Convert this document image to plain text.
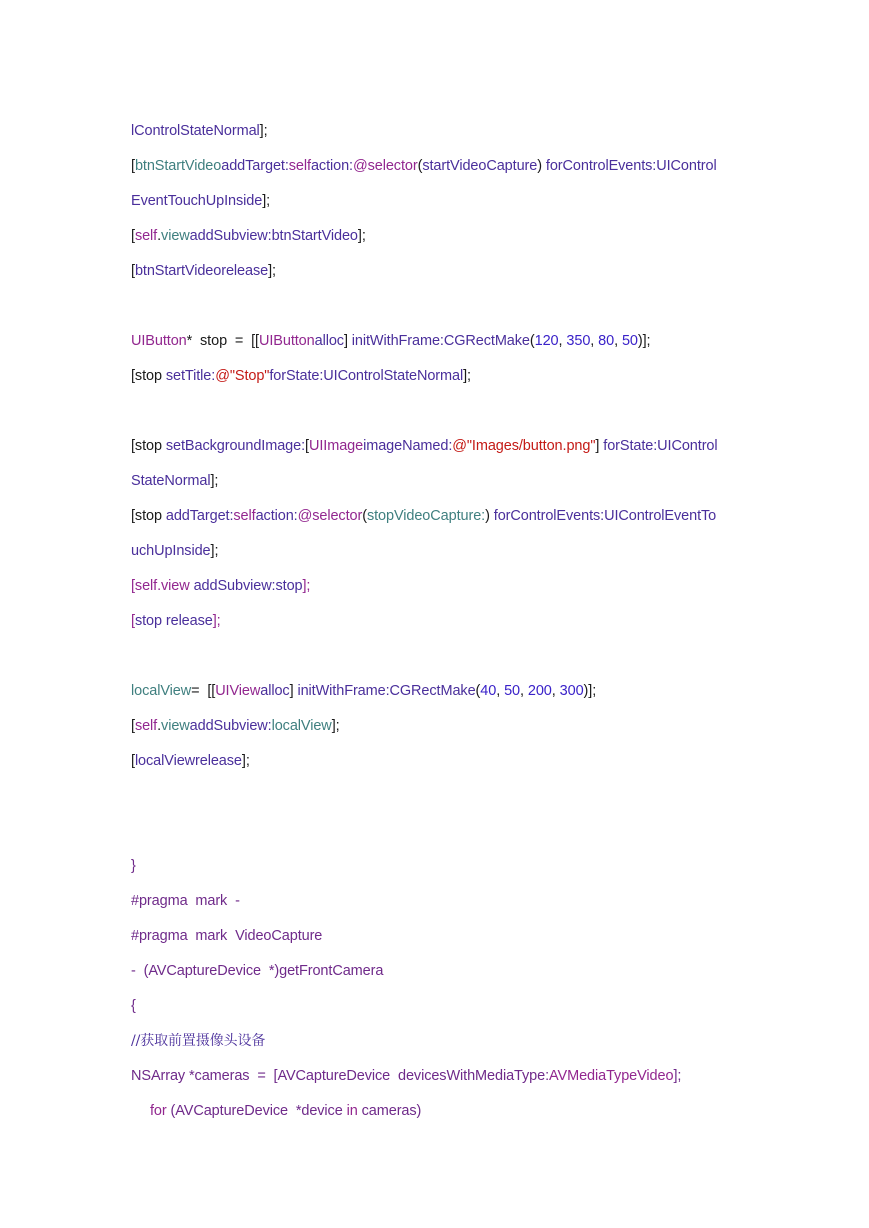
lControlStateNormal];
[btnStartVideoaddTarget:selfaction:@selector(startVideoCapture) forControlEvents:UIControl
EventTouchUpInside];
[self.viewaddSubview:btnStartVideo];
[btnStartVideorelease];
UIButton*  stop  =  [[UIButtonalloc] initWithFrame:CGRectMake(120, 350, 80, 50)];
[stop setTitle:@"Stop"forState:UIControlStateNormal];
[stop setBackgroundImage:[UIImageimageNamed:@"Images/button.png"] forState:UIControl
StateNormal];
[stop addTarget:selfaction:@selector(stopVideoCapture:) forControlEvents:UIControlEventTo
uchUpInside];
[self.view addSubview:stop];
[stop release];
localView=  [[UIViewalloc] initWithFrame:CGRectMake(40, 50, 200, 300)];
[self.viewaddSubview:localView];
[localViewrelease];
}
#pragma  mark  -
#pragma  mark  VideoCapture
-  (AVCaptureDevice  *)getFrontCamera
{
//获取前置摄像头设备
NSArray *cameras  =  [AVCaptureDevice  devicesWithMediaType:AVMediaTypeVideo];
for (AVCaptureDevice  *device in cameras)
